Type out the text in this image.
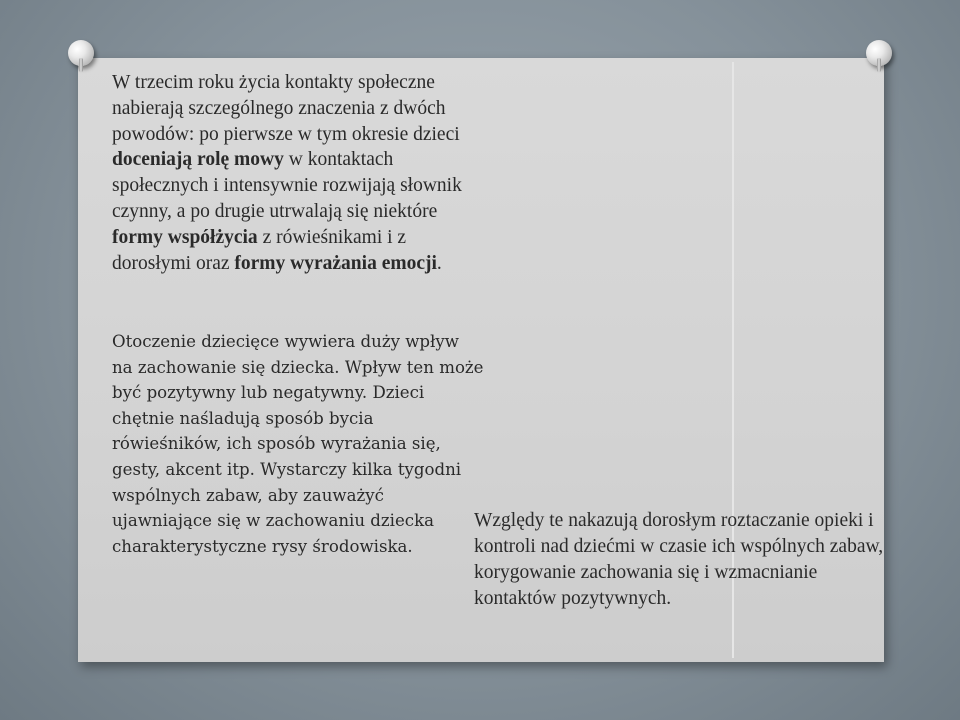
W trzecim roku życia kontakty społeczne nabierają szczególnego znaczenia z dwóch powodów: po pierwsze w tym okresie dzieci doceniają rolę mowy w kontaktach społecznych i intensywnie rozwijają słownik czynny, a po drugie utrwalają się niektóre formy współżycia z rówieśnikami i z dorosłymi oraz formy wyrażania emocji.

Otoczenie dziecięce wywiera duży wpływ na zachowanie się dziecka. Wpływ ten może być pozytywny lub negatywny. Dzieci chętnie naśladują sposób bycia rówieśników, ich sposób wyrażania się, gesty, akcent itp. Wystarczy kilka tygodni wspólnych zabaw, aby zauważyć ujawniające się w zachowaniu dziecka charakterystyczne rysy środowiska.

Względy te nakazują dorosłym roztaczanie opieki i kontroli nad dziećmi w czasie ich wspólnych zabaw, korygowanie zachowania się i wzmacnianie kontaktów pozytywnych.
